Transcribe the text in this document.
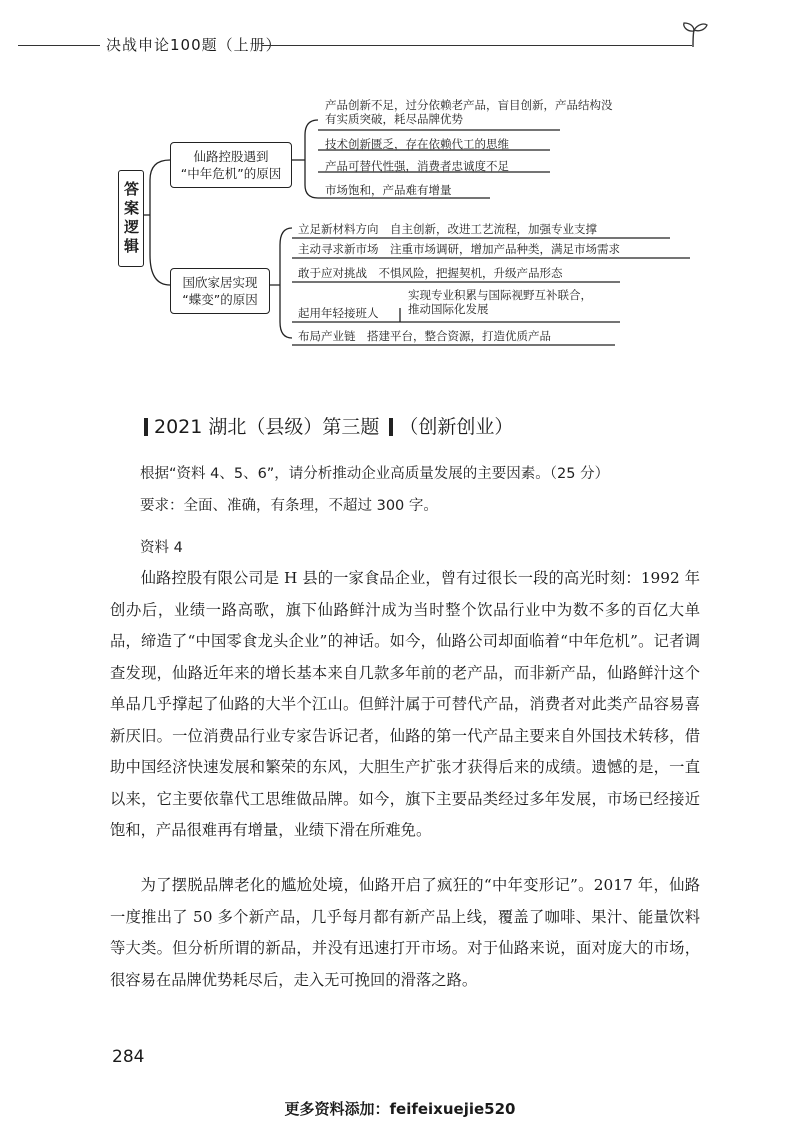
决战申论100题（上册）
答案逻辑
仙路控股遇到
“中年危机”的原因
产品创新不足，过分依赖老产品，盲目创新，产品结构没
有实质突破，耗尽品牌优势
技术创新匮乏，存在依赖代工的思维
产品可替代性强，消费者忠诚度不足
市场饱和，产品难有增量
国欣家居实现
“蝶变”的原因
立足新材料方向　自主创新，改进工艺流程，加强专业支撑
主动寻求新市场　注重市场调研，增加产品种类，满足市场需求
敢于应对挑战　不惧风险，把握契机，升级产品形态
起用年轻接班人
实现专业积累与国际视野互补联合，
推动国际化发展
布局产业链　搭建平台，整合资源，打造优质产品
2021 湖北（县级）第三题 （创新创业）
根据“资料 4、5、6”，请分析推动企业高质量发展的主要因素。（25 分）
要求：全面、准确，有条理，不超过 300 字。
资料 4
仙路控股有限公司是 H 县的一家食品企业，曾有过很长一段的高光时刻：1992 年创办后，业绩一路高歌，旗下仙路鲜汁成为当时整个饮品行业中为数不多的百亿大单品，缔造了“中国零食龙头企业”的神话。如今，仙路公司却面临着“中年危机”。记者调查发现，仙路近年来的增长基本来自几款多年前的老产品，而非新产品，仙路鲜汁这个单品几乎撑起了仙路的大半个江山。但鲜汁属于可替代产品，消费者对此类产品容易喜新厌旧。一位消费品行业专家告诉记者，仙路的第一代产品主要来自外国技术转移，借助中国经济快速发展和繁荣的东风，大胆生产扩张才获得后来的成绩。遗憾的是，一直以来，它主要依靠代工思维做品牌。如今，旗下主要品类经过多年发展，市场已经接近饱和，产品很难再有增量，业绩下滑在所难免。
为了摆脱品牌老化的尴尬处境，仙路开启了疯狂的“中年变形记”。2017 年，仙路一度推出了 50 多个新产品，几乎每月都有新产品上线，覆盖了咖啡、果汁、能量饮料等大类。但分析所谓的新品，并没有迅速打开市场。对于仙路来说，面对庞大的市场，很容易在品牌优势耗尽后，走入无可挽回的滑落之路。
284
更多资料添加：feifeixuejie520
